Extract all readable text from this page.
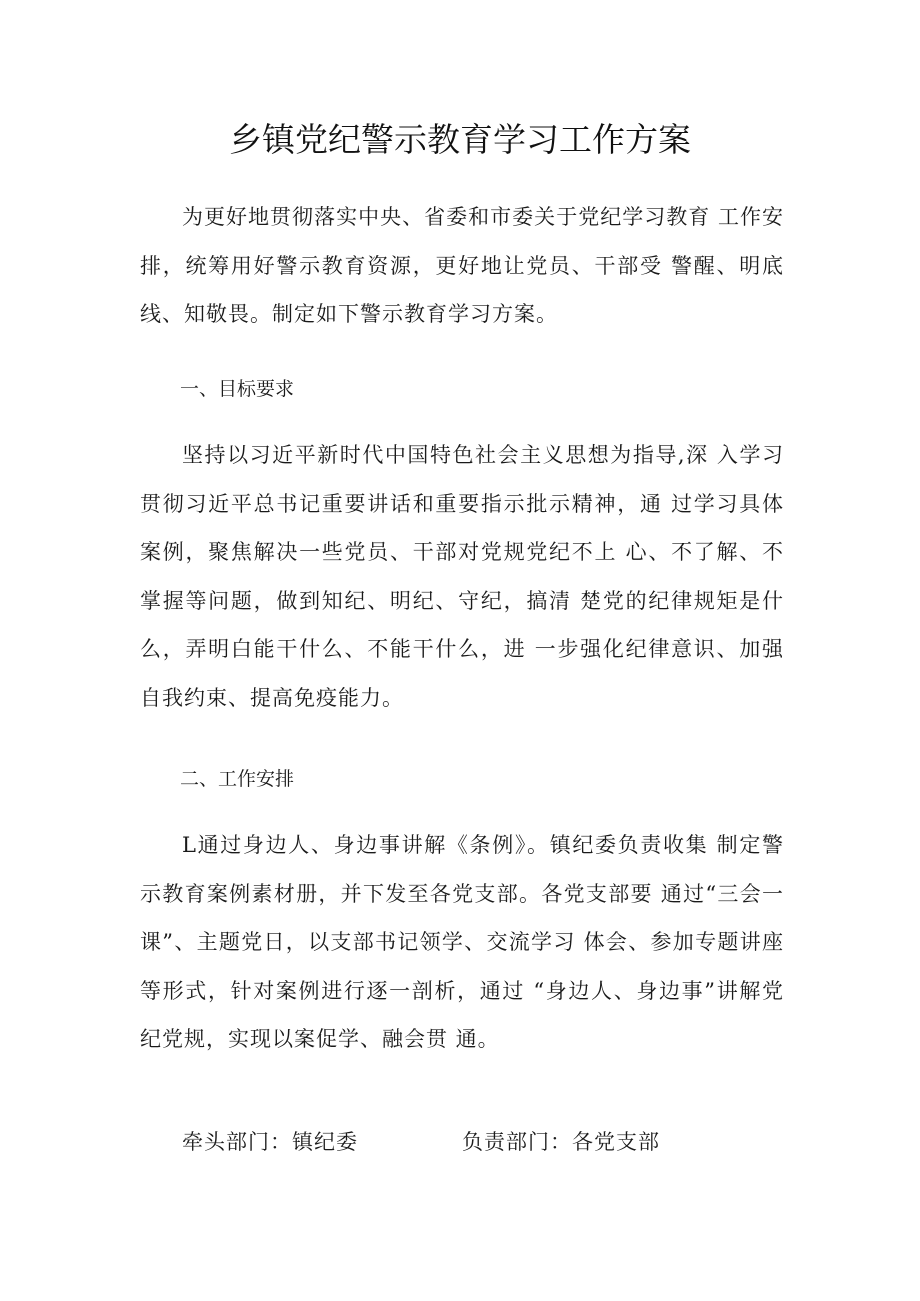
乡镇党纪警示教育学习工作方案

为更好地贯彻落实中央、省委和市委关于党纪学习教育 工作安排，统筹用好警示教育资源，更好地让党员、干部受 警醒、明底线、知敬畏。制定如下警示教育学习方案。

一、目标要求

坚持以习近平新时代中国特色社会主义思想为指导,深 入学习贯彻习近平总书记重要讲话和重要指示批示精神，通 过学习具体案例，聚焦解决一些党员、干部对党规党纪不上 心、不了解、不掌握等问题，做到知纪、明纪、守纪，搞清 楚党的纪律规矩是什么，弄明白能干什么、不能干什么，进 一步强化纪律意识、加强自我约束、提高免疫能力。

二、工作安排

L通过身边人、身边事讲解《条例》。镇纪委负责收集 制定警示教育案例素材册，并下发至各党支部。各党支部要 通过“三会一课”、主题党日，以支部书记领学、交流学习 体会、参加专题讲座等形式，针对案例进行逐一剖析，通过 “身边人、身边事”讲解党纪党规，实现以案促学、融会贯 通。

牵头部门：镇纪委	负责部门：各党支部
